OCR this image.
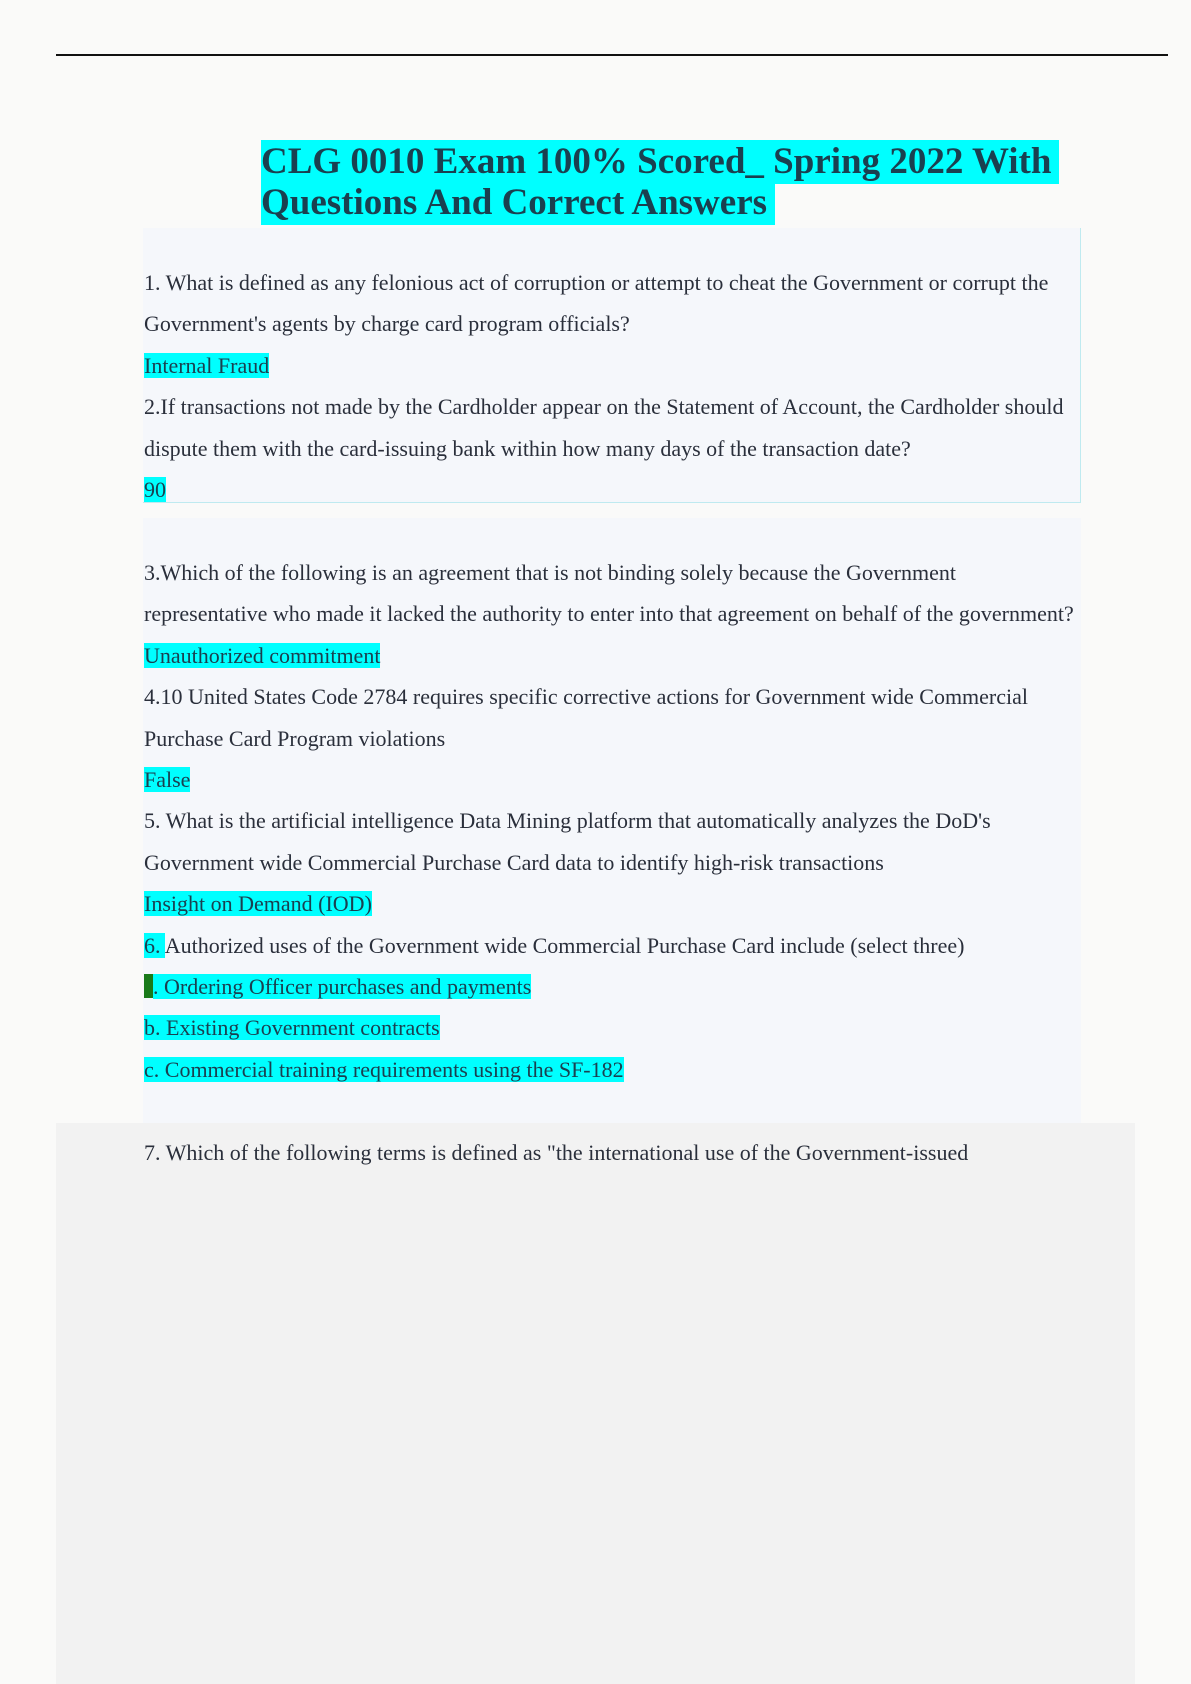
CLG 0010 Exam 100% Scored_ Spring 2022 With Questions And Correct Answers

1. What is defined as any felonious act of corruption or attempt to cheat the Government or corrupt the Government's agents by charge card program officials?

Internal Fraud

2.If transactions not made by the Cardholder appear on the Statement of Account, the Cardholder should dispute them with the card-issuing bank within how many days of the transaction date?

90

3.Which of the following is an agreement that is not binding solely because the Government representative who made it lacked the authority to enter into that agreement on behalf of the government?

Unauthorized commitment

4.10 United States Code 2784 requires specific corrective actions for Government wide Commercial Purchase Card Program violations

False

5. What is the artificial intelligence Data Mining platform that automatically analyzes the DoD's Government wide Commercial Purchase Card data to identify high-risk transactions

Insight on Demand (IOD)

6. Authorized uses of the Government wide Commercial Purchase Card include (select three)

. Ordering Officer purchases and payments

b. Existing Government contracts

c. Commercial training requirements using the SF-182

7. Which of the following terms is defined as "the international use of the Government-issued
